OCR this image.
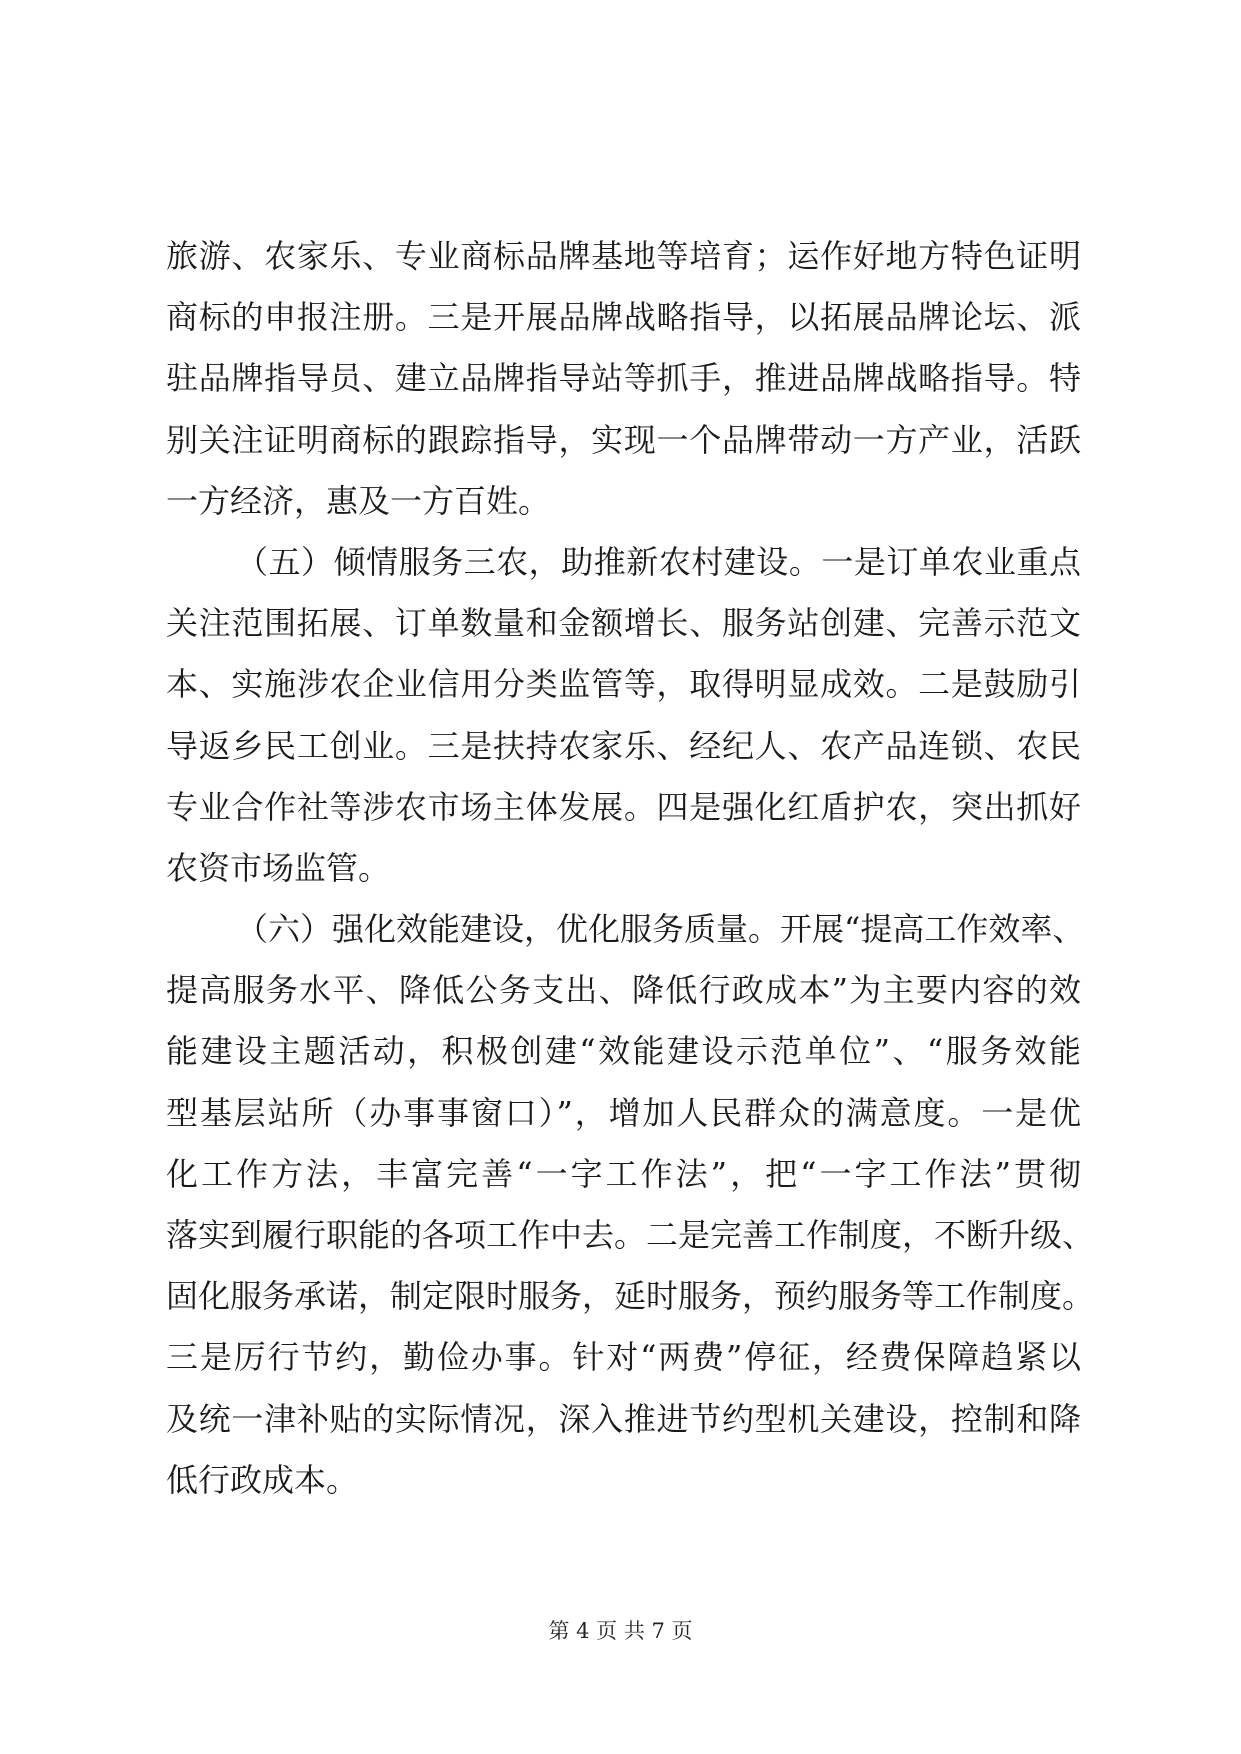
旅游、农家乐、专业商标品牌基地等培育；运作好地方特色证明
商标的申报注册。三是开展品牌战略指导，以拓展品牌论坛、派
驻品牌指导员、建立品牌指导站等抓手，推进品牌战略指导。特
别关注证明商标的跟踪指导，实现一个品牌带动一方产业，活跃
一方经济，惠及一方百姓。
（五）倾情服务三农，助推新农村建设。一是订单农业重点
关注范围拓展、订单数量和金额增长、服务站创建、完善示范文
本、实施涉农企业信用分类监管等，取得明显成效。二是鼓励引
导返乡民工创业。三是扶持农家乐、经纪人、农产品连锁、农民
专业合作社等涉农市场主体发展。四是强化红盾护农，突出抓好
农资市场监管。
（六）强化效能建设，优化服务质量。开展“提高工作效率、
提高服务水平、降低公务支出、降低行政成本”为主要内容的效
能建设主题活动，积极创建“效能建设示范单位”、“服务效能
型基层站所（办事事窗口）”，增加人民群众的满意度。一是优
化工作方法，丰富完善“一字工作法”，把“一字工作法”贯彻
落实到履行职能的各项工作中去。二是完善工作制度，不断升级、
固化服务承诺，制定限时服务，延时服务，预约服务等工作制度。
三是厉行节约，勤俭办事。针对“两费”停征，经费保障趋紧以
及统一津补贴的实际情况，深入推进节约型机关建设，控制和降
低行政成本。
第 4 页 共 7 页
